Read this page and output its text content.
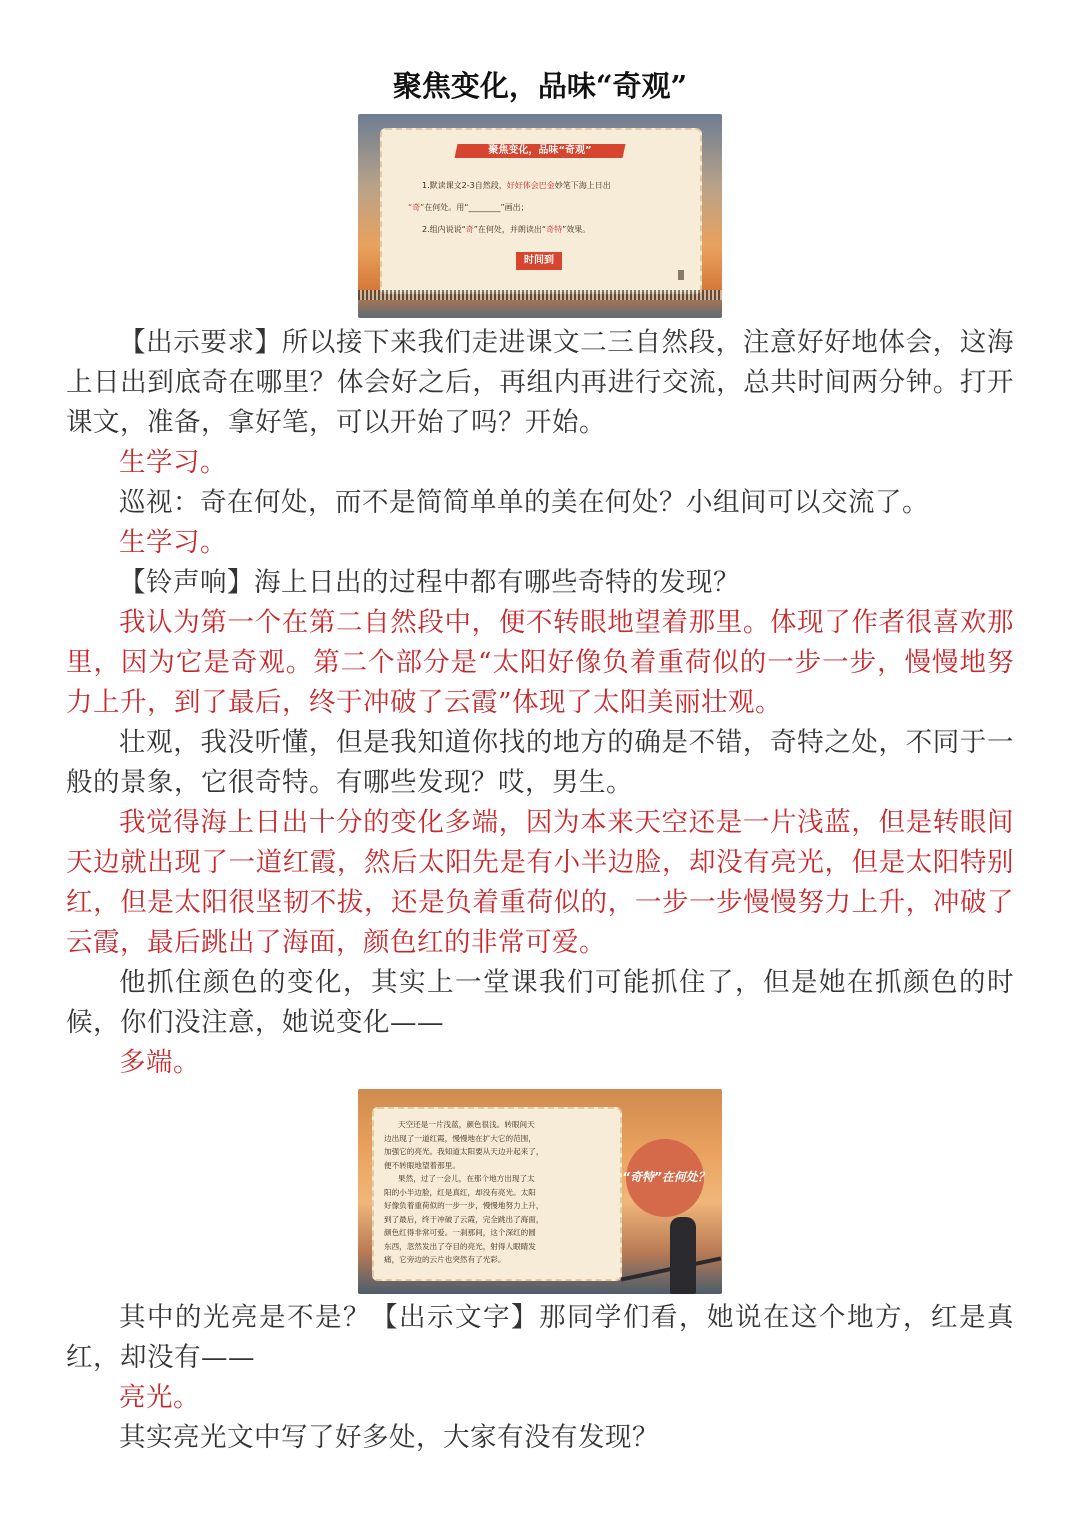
聚焦变化，品味“奇观”
聚焦变化，品味“奇观”
1.默读课文2-3自然段，好好体会巴金妙笔下海上日出
“奇”在何处。用“________”画出；
2.组内说说“奇”在何处，并朗读出“奇特”效果。
时间到

【出示要求】所以接下来我们走进课文二三自然段，注意好好地体会，这海上日出到底奇在哪里？体会好之后，再组内再进行交流，总共时间两分钟。打开课文，准备，拿好笔，可以开始了吗？开始。

生学习。

巡视：奇在何处，而不是简简单单的美在何处？小组间可以交流了。

生学习。

【铃声响】海上日出的过程中都有哪些奇特的发现？

我认为第一个在第二自然段中，便不转眼地望着那里。体现了作者很喜欢那里，因为它是奇观。第二个部分是“太阳好像负着重荷似的一步一步，慢慢地努力上升，到了最后，终于冲破了云霞”体现了太阳美丽壮观。

壮观，我没听懂，但是我知道你找的地方的确是不错，奇特之处，不同于一般的景象，它很奇特。有哪些发现？哎，男生。

我觉得海上日出十分的变化多端，因为本来天空还是一片浅蓝，但是转眼间天边就出现了一道红霞，然后太阳先是有小半边脸，却没有亮光，但是太阳特别红，但是太阳很坚韧不拔，还是负着重荷似的，一步一步慢慢努力上升，冲破了云霞，最后跳出了海面，颜色红的非常可爱。

他抓住颜色的变化，其实上一堂课我们可能抓住了，但是她在抓颜色的时候，你们没注意，她说变化——

多端。

天空还是一片浅蓝，颜色很浅。转眼间天
边出现了一道红霞，慢慢地在扩大它的范围，
加强它的亮光。我知道太阳要从天边升起来了，
便不转眼地望着那里。
果然，过了一会儿，在那个地方出现了太
阳的小半边脸，红是真红，却没有亮光。太阳
好像负着重荷似的一步一步，慢慢地努力上升，
到了最后，终于冲破了云霞，完全跳出了海面，
颜色红得非常可爱。一刹那间，这个深红的圆
东西，忽然发出了夺目的亮光，射得人眼睛发
痛，它旁边的云片也突然有了光彩。
“奇特”在何处？

其中的光亮是不是？【出示文字】那同学们看，她说在这个地方，红是真红，却没有——

亮光。

其实亮光文中写了好多处，大家有没有发现？
